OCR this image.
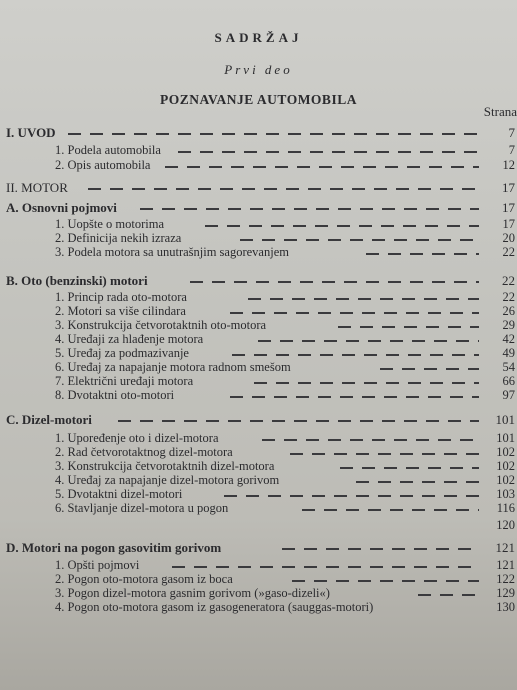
SADRŽAJ
Prvi deo
POZNAVANJE AUTOMOBILA
Strana
I. UVOD	7
1. Podela automobila	7
2. Opis automobila	12
II. MOTOR	17
A. Osnovni pojmovi	17
1. Uopšte o motorima	17
2. Definicija nekih izraza	20
3. Podela motora sa unutrašnjim sagorevanjem	22
B. Oto (benzinski) motori	22
1. Princip rada oto-motora	22
2. Motori sa više cilindara	26
3. Konstrukcija četvorotaktnih oto-motora	29
4. Uređaji za hlađenje motora	42
5. Uređaj za podmazivanje	49
6. Uređaj za napajanje motora radnom smešom	54
7. Električni uređaji motora	66
8. Dvotaktni oto-motori	97
C. Dizel-motori	101
1. Upoređenje oto i dizel-motora	101
2. Rad četvorotaktnog dizel-motora	102
3. Konstrukcija četvorotaktnih dizel-motora	102
4. Uređaj za napajanje dizel-motora gorivom	102
5. Dvotaktni dizel-motori	103
6. Stavljanje dizel-motora u pogon	116
120
D. Motori na pogon gasovitim gorivom	121
1. Opšti pojmovi	121
2. Pogon oto-motora gasom iz boca	122
3. Pogon dizel-motora gasnim gorivom (»gaso-dizeli«)	129
4. Pogon oto-motora gasom iz gasogeneratora (sauggas-motori)	130
